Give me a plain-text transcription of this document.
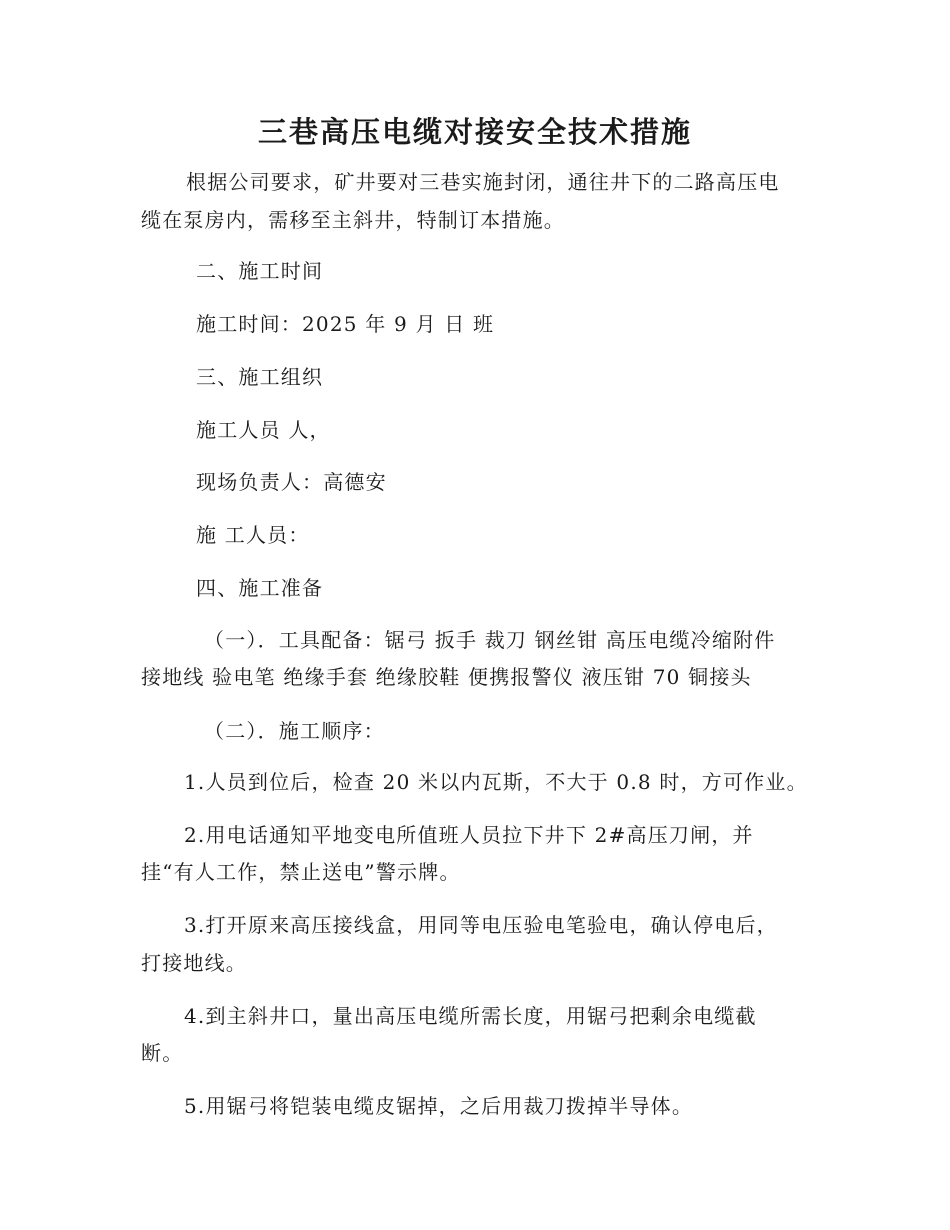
三巷高压电缆对接安全技术措施
根据公司要求，矿井要对三巷实施封闭，通往井下的二路高压电
缆在泵房内，需移至主斜井，特制订本措施。
二、施工时间
施工时间：2025 年 9 月 日 班
三、施工组织
施工人员 人，
现场负责人：高德安
施 工人员：
四、施工准备
（一）．工具配备：锯弓 扳手 裁刀 钢丝钳 高压电缆冷缩附件
接地线 验电笔 绝缘手套 绝缘胶鞋 便携报警仪 液压钳 70 铜接头
（二）．施工顺序：
1.人员到位后，检查 20 米以内瓦斯，不大于 0.8 时，方可作业。
2.用电话通知平地变电所值班人员拉下井下 2#高压刀闸，并
挂“有人工作，禁止送电”警示牌。
3.打开原来高压接线盒，用同等电压验电笔验电，确认停电后，
打接地线。
4.到主斜井口，量出高压电缆所需长度，用锯弓把剩余电缆截
断。
5.用锯弓将铠装电缆皮锯掉，之后用裁刀拨掉半导体。
